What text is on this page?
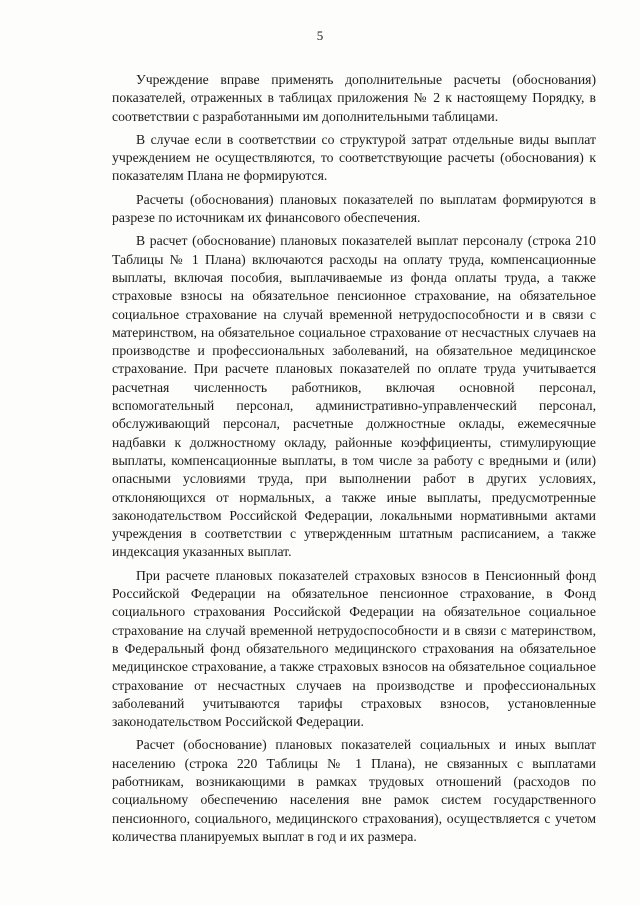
5

Учреждение вправе применять дополнительные расчеты (обоснования) показателей, отраженных в таблицах приложения № 2 к настоящему Порядку, в соответствии с разработанными им дополнительными таблицами.

В случае если в соответствии со структурой затрат отдельные виды выплат учреждением не осуществляются, то соответствующие расчеты (обоснования) к показателям Плана не формируются.

Расчеты (обоснования) плановых показателей по выплатам формируются в разрезе по источникам их финансового обеспечения.

В расчет (обоснование) плановых показателей выплат персоналу (строка 210 Таблицы № 1 Плана) включаются расходы на оплату труда, компенсационные выплаты, включая пособия, выплачиваемые из фонда оплаты труда, а также страховые взносы на обязательное пенсионное страхование, на обязательное социальное страхование на случай временной нетрудоспособности и в связи с материнством, на обязательное социальное страхование от несчастных случаев на производстве и профессиональных заболеваний, на обязательное медицинское страхование. При расчете плановых показателей по оплате труда учитывается расчетная численность работников, включая основной персонал, вспомогательный персонал, административно-управленческий персонал, обслуживающий персонал, расчетные должностные оклады, ежемесячные надбавки к должностному окладу, районные коэффициенты, стимулирующие выплаты, компенсационные выплаты, в том числе за работу с вредными и (или) опасными условиями труда, при выполнении работ в других условиях, отклоняющихся от нормальных, а также иные выплаты, предусмотренные законодательством Российской Федерации, локальными нормативными актами учреждения в соответствии с утвержденным штатным расписанием, а также индексация указанных выплат.

При расчете плановых показателей страховых взносов в Пенсионный фонд Российской Федерации на обязательное пенсионное страхование, в Фонд социального страхования Российской Федерации на обязательное социальное страхование на случай временной нетрудоспособности и в связи с материнством, в Федеральный фонд обязательного медицинского страхования на обязательное медицинское страхование, а также страховых взносов на обязательное социальное страхование от несчастных случаев на производстве и профессиональных заболеваний учитываются тарифы страховых взносов, установленные законодательством Российской Федерации.

Расчет (обоснование) плановых показателей социальных и иных выплат населению (строка 220 Таблицы № 1 Плана), не связанных с выплатами работникам, возникающими в рамках трудовых отношений (расходов по социальному обеспечению населения вне рамок систем государственного пенсионного, социального, медицинского страхования), осуществляется с учетом количества планируемых выплат в год и их размера.
